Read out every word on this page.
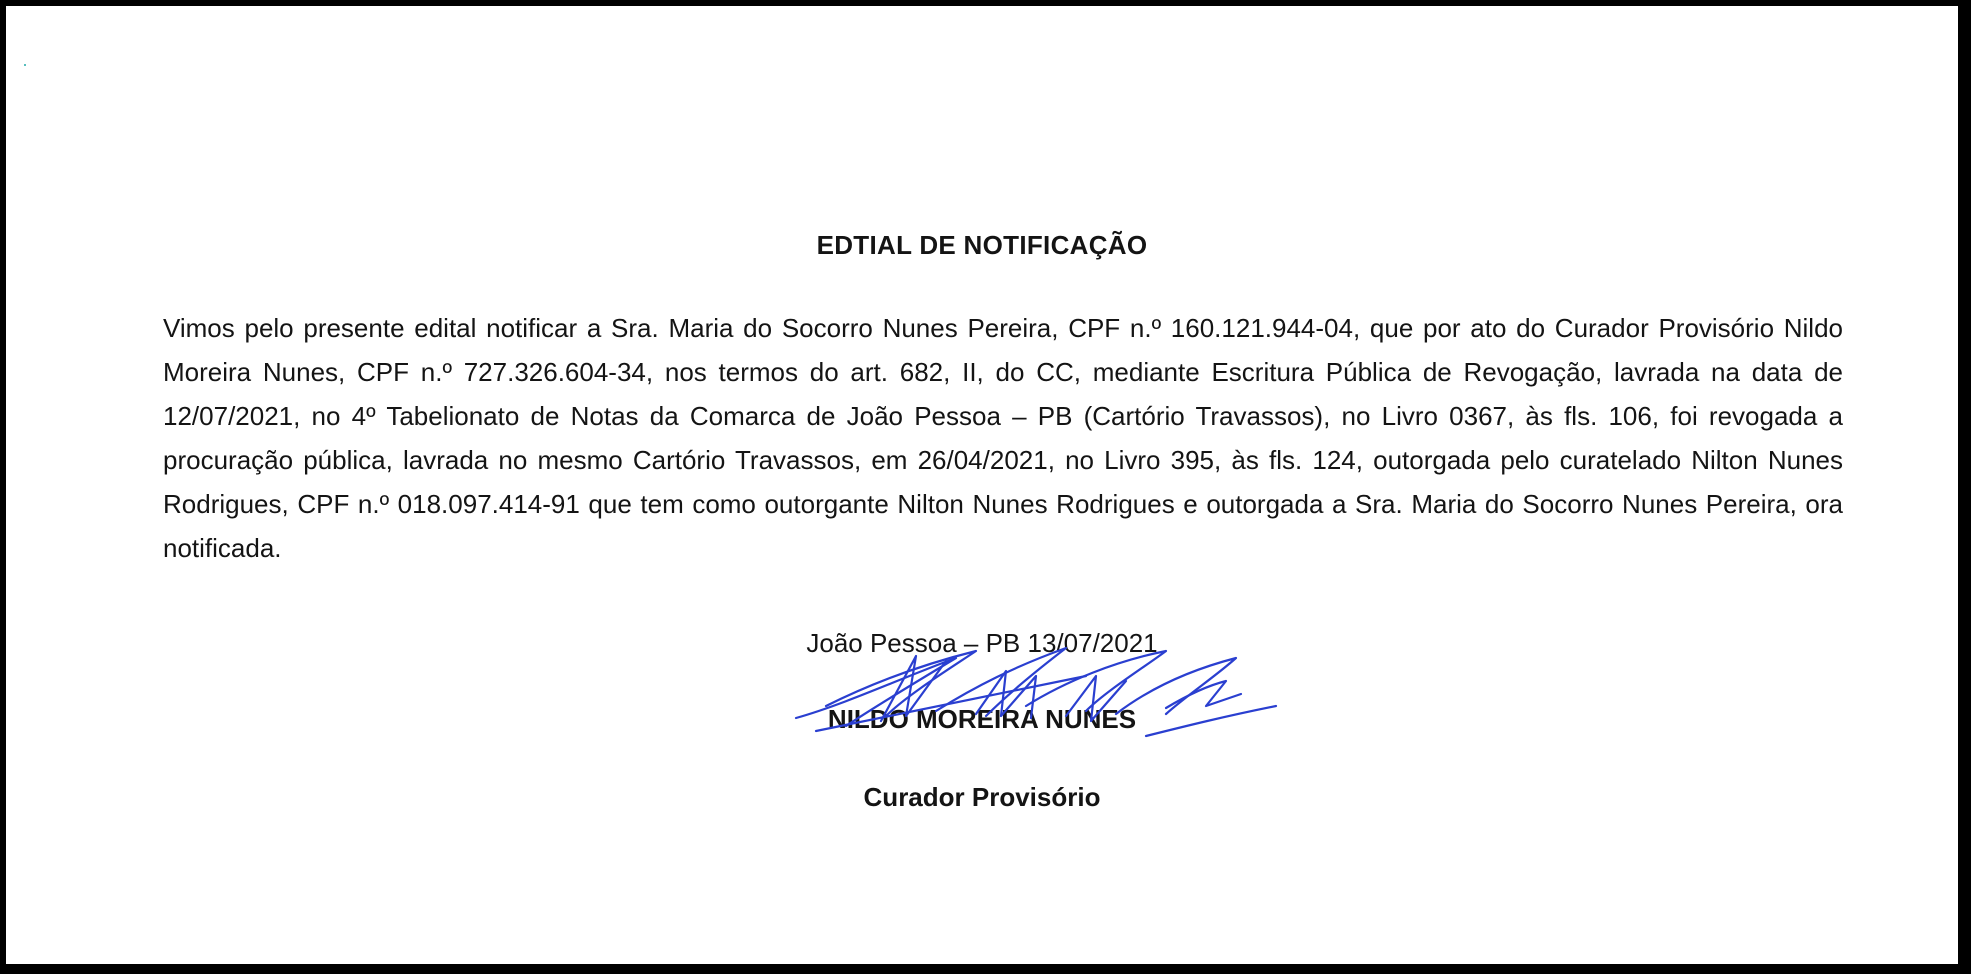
EDTIAL DE NOTIFICAÇÃO
Vimos pelo presente edital notificar a Sra. Maria do Socorro Nunes Pereira, CPF n.º 160.121.944-04, que por ato do Curador Provisório Nildo Moreira Nunes, CPF n.º 727.326.604-34, nos termos do art. 682, II, do CC, mediante Escritura Pública de Revogação, lavrada na data de 12/07/2021, no 4º Tabelionato de Notas da Comarca de João Pessoa – PB (Cartório Travassos), no Livro 0367, às fls. 106, foi revogada a procuração pública, lavrada no mesmo Cartório Travassos, em 26/04/2021, no Livro 395, às fls. 124, outorgada pelo curatelado Nilton Nunes Rodrigues, CPF n.º 018.097.414-91 que tem como outorgante Nilton Nunes Rodrigues e outorgada a Sra. Maria do Socorro Nunes Pereira, ora notificada.
João Pessoa – PB 13/07/2021
NILDO MOREIRA NUNES
Curador Provisório
